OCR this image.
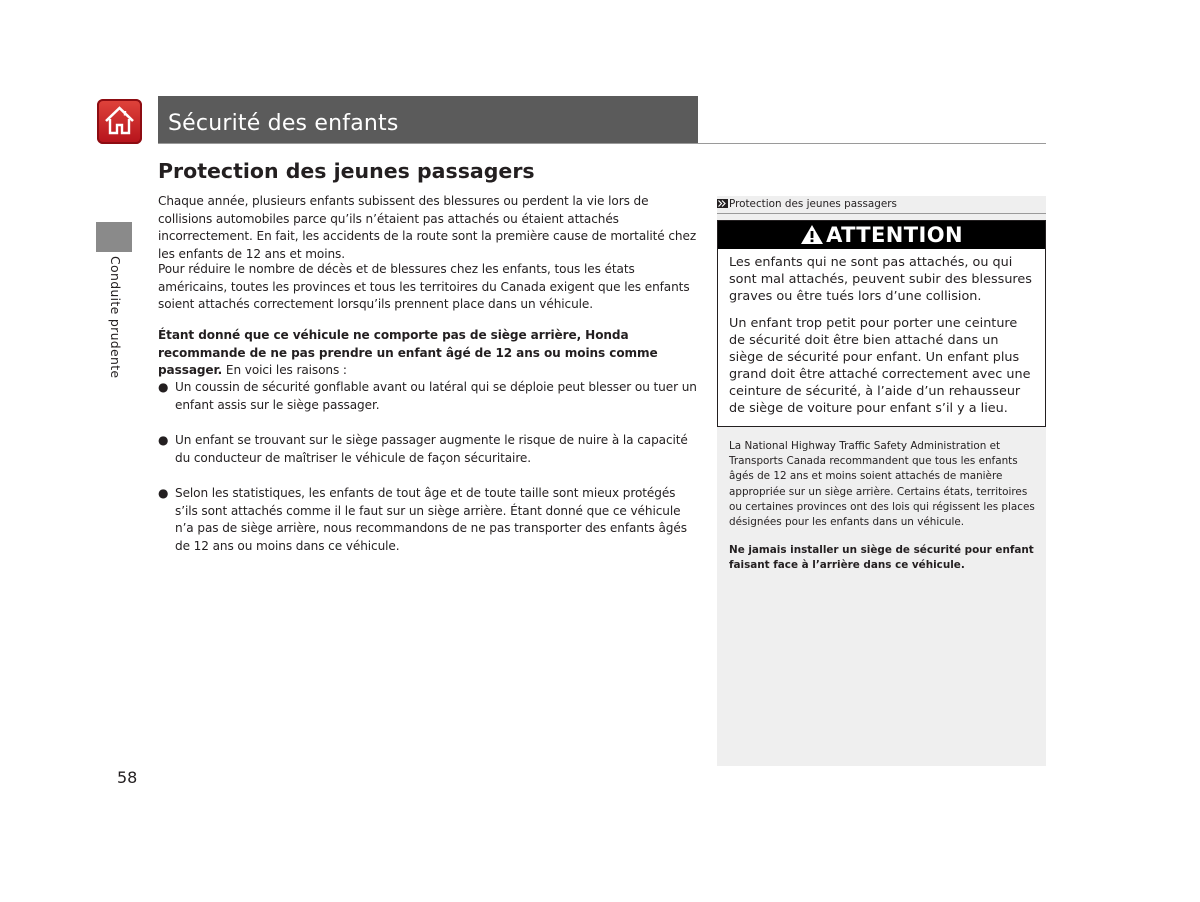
Sécurité des enfants
Conduite prudente
58
Protection des jeunes passagers

Chaque année, plusieurs enfants subissent des blessures ou perdent la vie lors de collisions automobiles parce qu’ils n’étaient pas attachés ou étaient attachés incorrectement. En fait, les accidents de la route sont la première cause de mortalité chez les enfants de 12 ans et moins.

Pour réduire le nombre de décès et de blessures chez les enfants, tous les états américains, toutes les provinces et tous les territoires du Canada exigent que les enfants soient attachés correctement lorsqu’ils prennent place dans un véhicule.

Étant donné que ce véhicule ne comporte pas de siège arrière, Honda recommande de ne pas prendre un enfant âgé de 12 ans ou moins comme passager. En voici les raisons :

● Un coussin de sécurité gonflable avant ou latéral qui se déploie peut blesser ou tuer un enfant assis sur le siège passager.
● Un enfant se trouvant sur le siège passager augmente le risque de nuire à la capacité du conducteur de maîtriser le véhicule de façon sécuritaire.
● Selon les statistiques, les enfants de tout âge et de toute taille sont mieux protégés s’ils sont attachés comme il le faut sur un siège arrière. Étant donné que ce véhicule n’a pas de siège arrière, nous recommandons de ne pas transporter des enfants âgés de 12 ans ou moins dans ce véhicule.
Protection des jeunes passagers
ATTENTION

Les enfants qui ne sont pas attachés, ou qui sont mal attachés, peuvent subir des blessures graves ou être tués lors d’une collision.

Un enfant trop petit pour porter une ceinture de sécurité doit être bien attaché dans un siège de sécurité pour enfant. Un enfant plus grand doit être attaché correctement avec une ceinture de sécurité, à l’aide d’un rehausseur de siège de voiture pour enfant s’il y a lieu.

La National Highway Traffic Safety Administration et Transports Canada recommandent que tous les enfants âgés de 12 ans et moins soient attachés de manière appropriée sur un siège arrière. Certains états, territoires ou certaines provinces ont des lois qui régissent les places désignées pour les enfants dans un véhicule.

Ne jamais installer un siège de sécurité pour enfant faisant face à l’arrière dans ce véhicule.
